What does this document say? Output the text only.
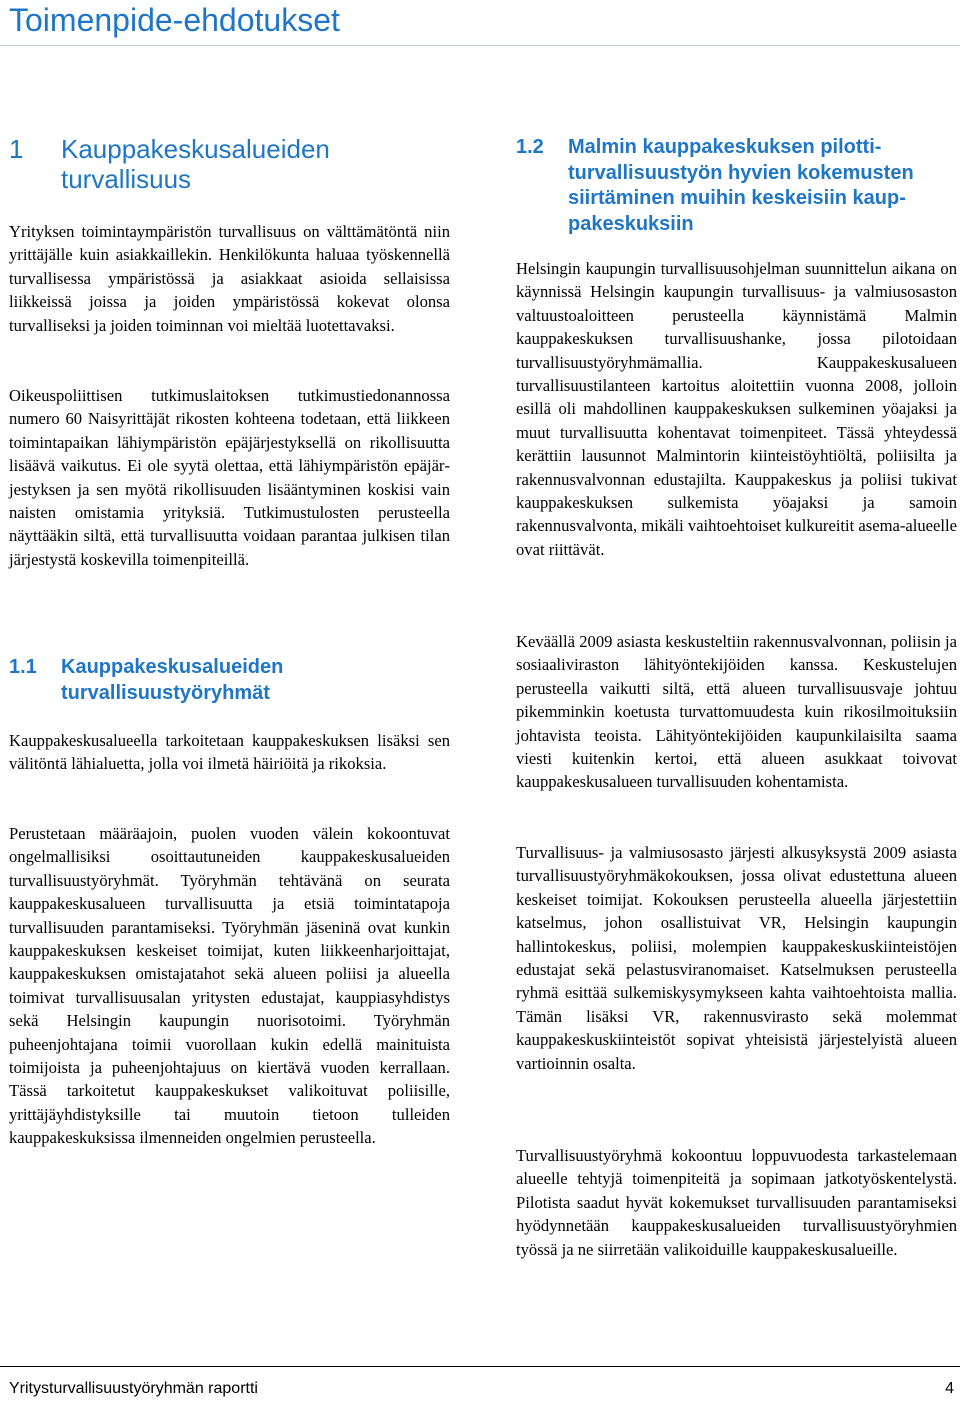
Toimenpide-ehdotukset
1	Kauppakeskusalueiden turvallisuus

Yrityksen toimintaympäristön turvallisuus on välttämätöntä niin yrittäjälle kuin asiakkaillekin. Henkilökunta haluaa työskennellä turvallisessa ympäristössä ja asiakkaat asioida sellaisissa liikkeissä joissa ja joiden ympäristössä kokevat olonsa turvalliseksi ja joiden toiminnan voi mieltää luotettavaksi.

Oikeuspoliittisen tutkimuslaitoksen tutkimustiedonannossa numero 60 Naisyrittäjät rikosten kohteena todetaan, että liikkeen toimintapaikan lähiympäristön epäjärjestyksellä on rikollisuutta lisäävä vaikutus. Ei ole syytä olettaa, että lähiympäristön epäjärjestyksen ja sen myötä rikollisuuden lisääntyminen koskisi vain naisten omistamia yrityksiä. Tutkimustulosten perusteella näyttääkin siltä, että turvallisuutta voidaan parantaa julkisen tilan järjestystä koskevilla toimenpiteillä.

1.1	Kauppakeskusalueiden turvallisuustyöryhmät

Kauppakeskusalueella tarkoitetaan kauppakeskuksen lisäksi sen välitöntä lähialuetta, jolla voi ilmetä häiriöitä ja rikoksia.

Perustetaan määräajoin, puolen vuoden välein kokoontuvat ongelmallisiksi osoittautuneiden kauppakeskusalueiden turvallisuustyöryhmät. Työryhmän tehtävänä on seurata kauppakeskusalueen turvallisuutta ja etsiä toimintatapoja turvallisuuden parantamiseksi. Työryhmän jäseninä ovat kunkin kauppakeskuksen keskeiset toimijat, kuten liikkeenharjoittajat, kauppakeskuksen omistajatahot sekä alueen poliisi ja alueella toimivat turvallisuusalan yritysten edustajat, kauppiasyhdistys sekä Helsingin kaupungin nuorisotoimi. Työryhmän puheenjohtajana toimii vuorollaan kukin edellä mainituista toimijoista ja puheenjohtajuus on kiertävä vuoden kerrallaan. Tässä tarkoitetut kauppakeskukset valikoituvat poliisille, yrittäjäyhdistyksille tai muutoin tietoon tulleiden kauppakeskuksissa ilmenneiden ongelmien perusteella.

1.2	Malmin kauppakeskuksen pilottiturvallisuustyön hyvien kokemusten siirtäminen muihin keskeisiin kauppakeskuksiin

Helsingin kaupungin turvallisuusohjelman suunnittelun aikana on käynnissä Helsingin kaupungin turvallisuus- ja valmiusosaston valtuustoaloitteen perusteella käynnistämä Malmin kauppakeskuksen turvallisuushanke, jossa pilotoidaan turvallisuustyöryhmämallia. Kauppakeskusalueen turvallisuustilanteen kartoitus aloitettiin vuonna 2008, jolloin esillä oli mahdollinen kauppakeskuksen sulkeminen yöajaksi ja muut turvallisuutta kohentavat toimenpiteet. Tässä yhteydessä kerättiin lausunnot Malmintorin kiinteistöyhtiöltä, poliisilta ja rakennusvalvonnan edustajilta. Kauppakeskus ja poliisi tukivat kauppakeskuksen sulkemista yöajaksi ja samoin rakennusvalvonta, mikäli vaihtoehtoiset kulkureitit asema-alueelle ovat riittävät.

Keväällä 2009 asiasta keskusteltiin rakennusvalvonnan, poliisin ja sosiaaliviraston lähityöntekijöiden kanssa. Keskustelujen perusteella vaikutti siltä, että alueen turvallisuusvaje johtuu pikemminkin koetusta turvattomuudesta kuin rikosilmoituksiin johtavista teoista. Lähityöntekijöiden kaupunkilaisilta saama viesti kuitenkin kertoi, että alueen asukkaat toivovat kauppakeskusalueen turvallisuuden kohentamista.

Turvallisuus- ja valmiusosasto järjesti alkusyksystä 2009 asiasta turvallisuustyöryhmäkokouksen, jossa olivat edustettuna alueen keskeiset toimijat. Kokouksen perusteella alueella järjestettiin katselmus, johon osallistuivat VR, Helsingin kaupungin hallintokeskus, poliisi, molempien kauppakeskuskiinteistöjen edustajat sekä pelastusviranomaiset. Katselmuksen perusteella ryhmä esittää sulkemiskysymykseen kahta vaihtoehtoista mallia. Tämän lisäksi VR, rakennusvirasto sekä molemmat kauppakeskuskiinteistöt sopivat yhteisistä järjestelyistä alueen vartioinnin osalta.

Turvallisuustyöryhmä kokoontuu loppuvuodesta tarkastelemaan alueelle tehtyjä toimenpiteitä ja sopimaan jatkotyöskentelystä. Pilotista saadut hyvät kokemukset turvallisuuden parantamiseksi hyödynnetään kauppakeskusalueiden turvallisuustyöryhmien työssä ja ne siirretään valikoiduille kauppakeskusalueille.

Yritysturvallisuustyöryhmän raportti	4
